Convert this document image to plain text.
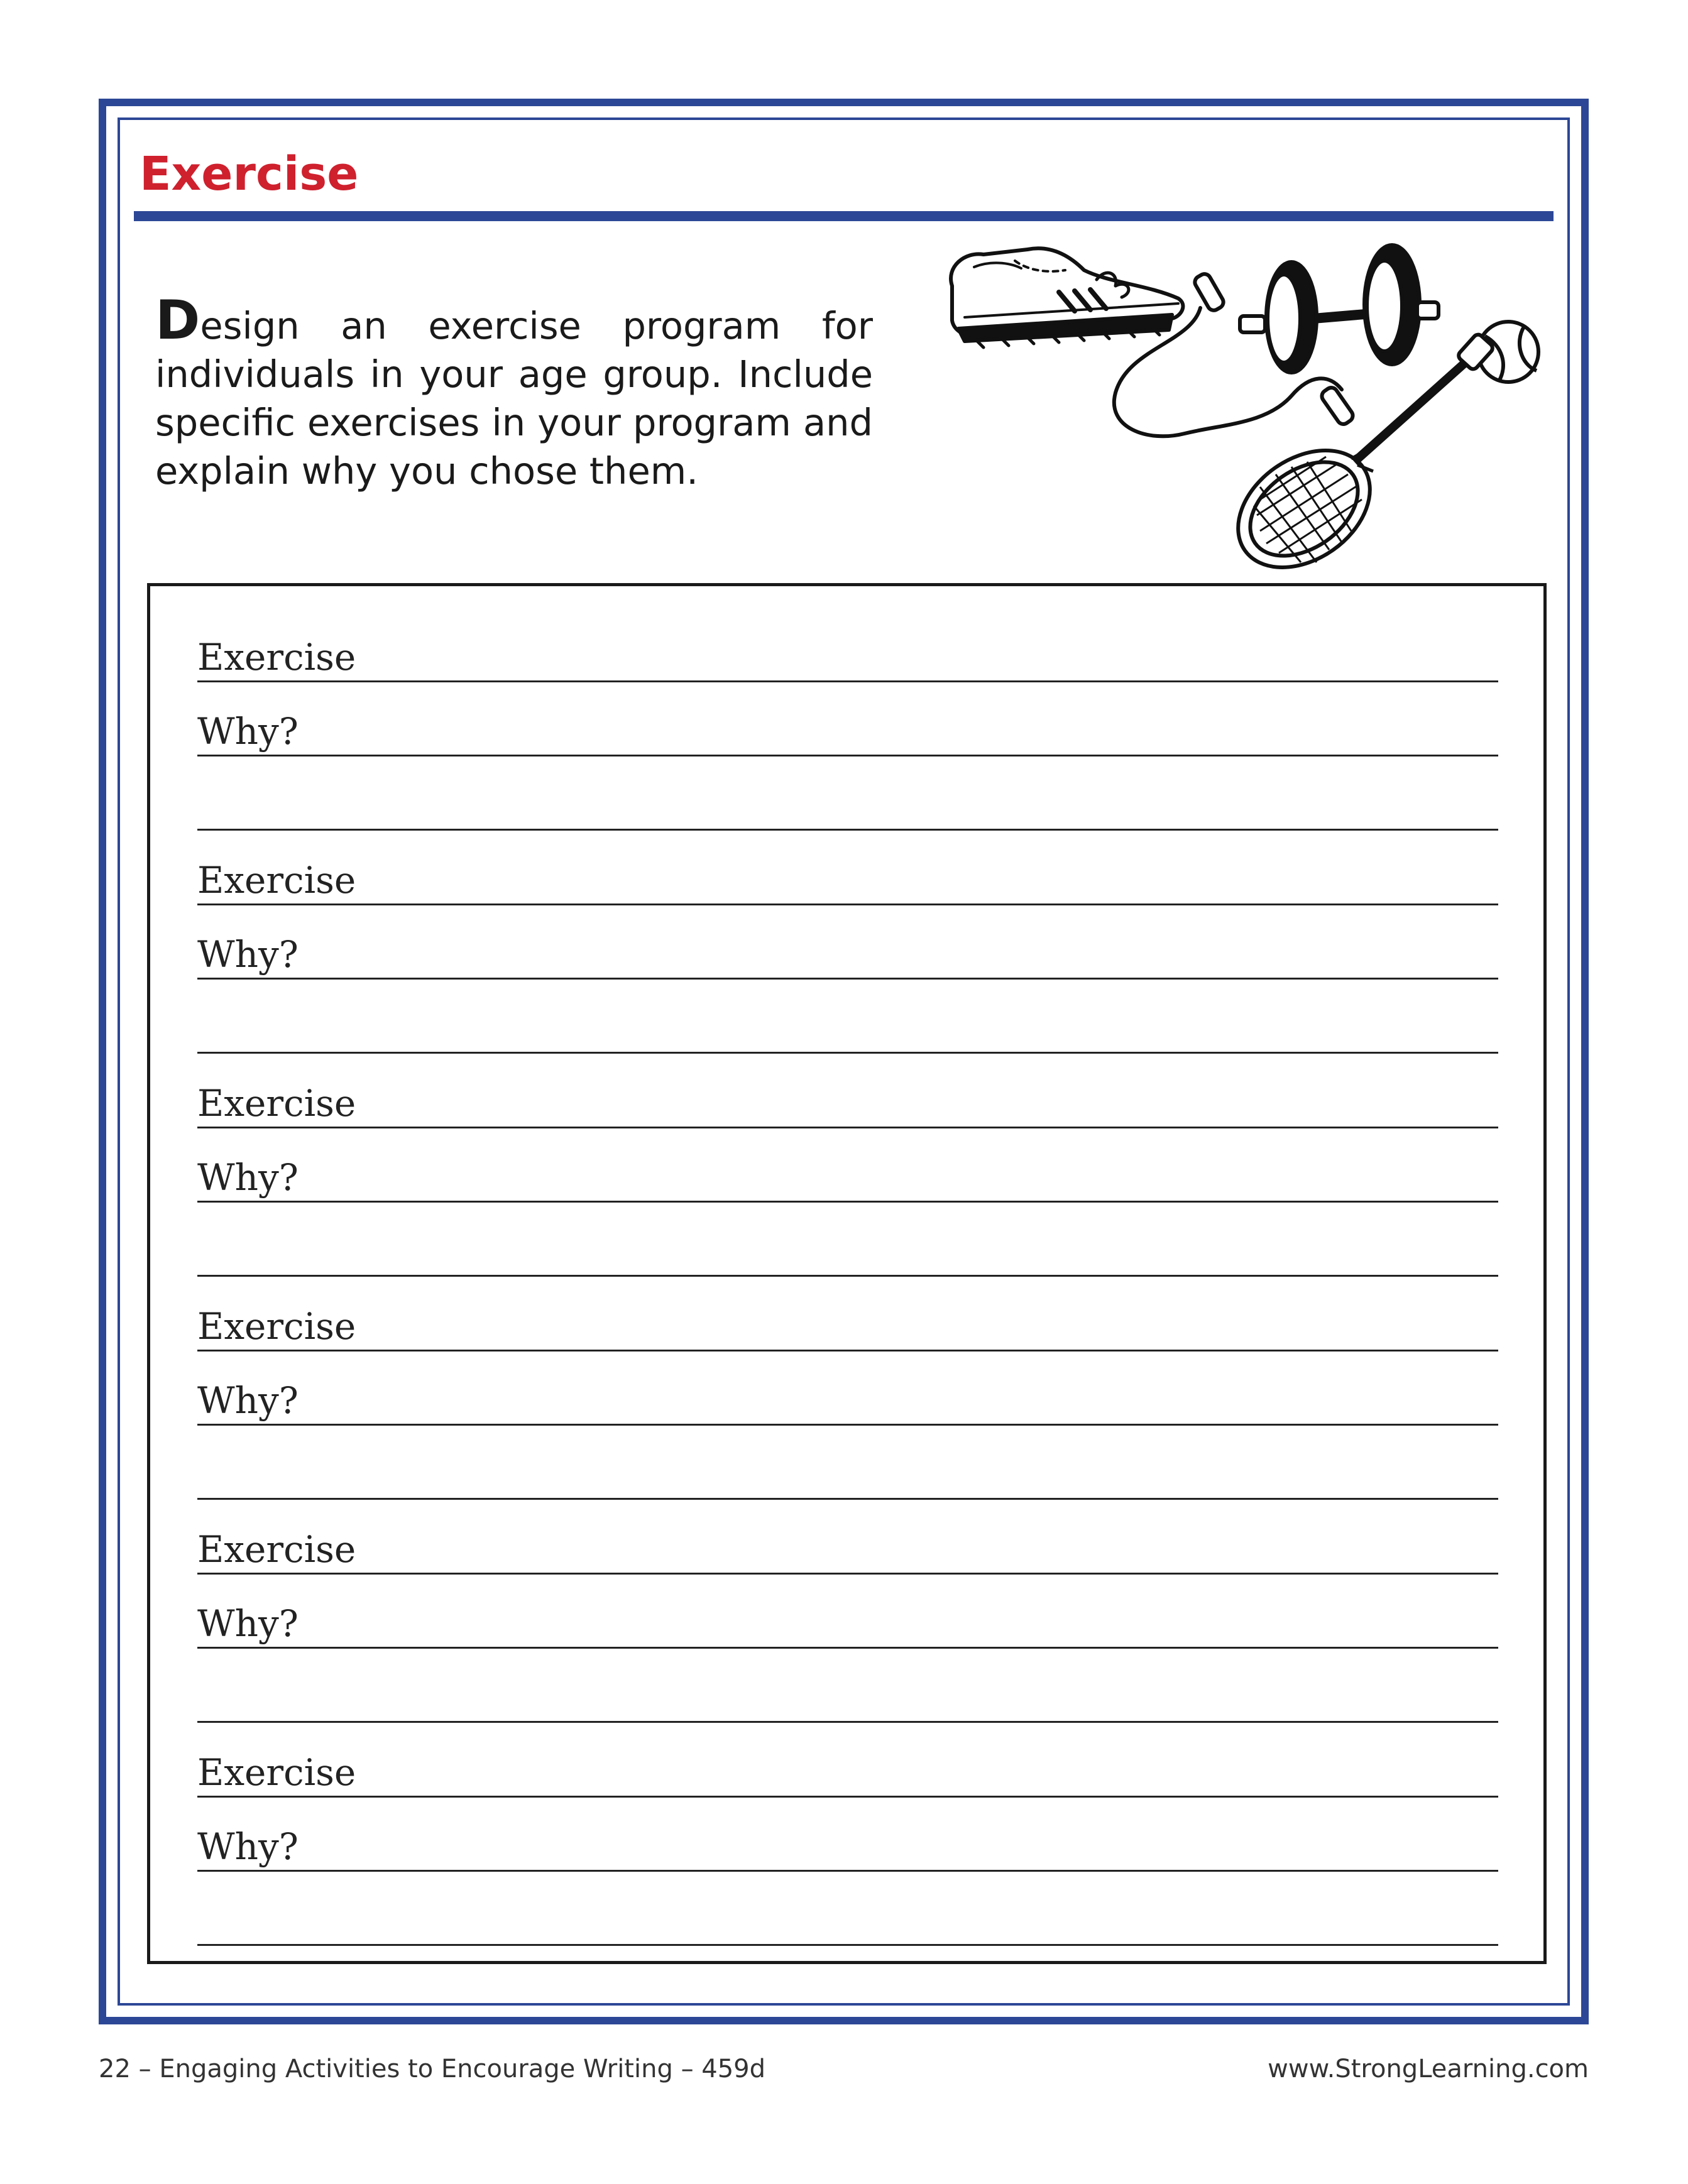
Exercise

Design an exercise program for individuals in your age group. Include specific exercises in your program and explain why you chose them.

Exercise
Why?
Exercise
Why?
Exercise
Why?
Exercise
Why?
Exercise
Why?
Exercise
Why?

22 – Engaging Activities to Encourage Writing – 459d	www.StrongLearning.com
